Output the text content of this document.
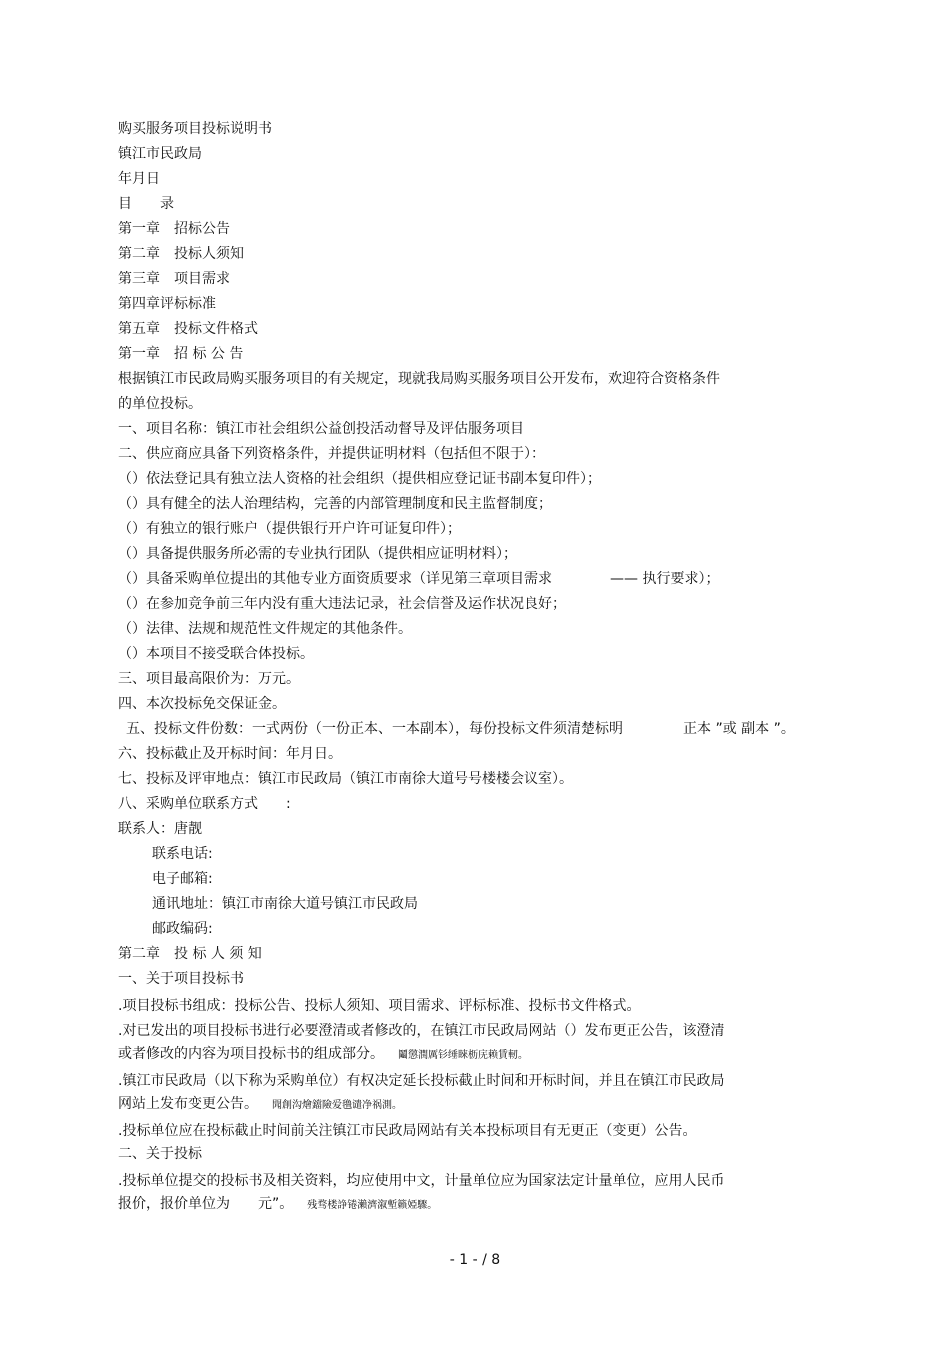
购买服务项目投标说明书
镇江市民政局
年月日
目　　录
第一章　招标公告
第二章　投标人须知
第三章　项目需求
第四章评标标准
第五章　投标文件格式
第一章　招 标 公 告
根据镇江市民政局购买服务项目的有关规定，现就我局购买服务项目公开发布，欢迎符合资格条件
的单位投标。
一、项目名称：镇江市社会组织公益创投活动督导及评估服务项目
二、供应商应具备下列资格条件，并提供证明材料（包括但不限于）：
（）依法登记具有独立法人资格的社会组织（提供相应登记证书副本复印件）；
（）具有健全的法人治理结构，完善的内部管理制度和民主监督制度；
（）有独立的银行账户（提供银行开户许可证复印件）；
（）具备提供服务所必需的专业执行团队（提供相应证明材料）；
（）具备采购单位提出的其他专业方面资质要求（详见第三章项目需求	—— 执行要求）；
（）在参加竞争前三年内没有重大违法记录，社会信誉及运作状况良好；
（）法律、法规和规范性文件规定的其他条件。
（）本项目不接受联合体投标。
三、项目最高限价为：万元。
四、本次投标免交保证金。
五、投标文件份数：一式两份（一份正本、一本副本），每份投标文件须清楚标明	正本 ”或 副本 ”。
六、投标截止及开标时间：年月日。
七、投标及评审地点：镇江市民政局（镇江市南徐大道号号楼楼会议室）。
八、采购单位联系方式　　:
联系人：唐靓
联系电话:
电子邮箱:
通讯地址：镇江市南徐大道号镇江市民政局
邮政编码:
第二章　投 标 人 须 知
一、关于项目投标书
.项目投标书组成：投标公告、投标人须知、项目需求、评标标准、投标书文件格式。
.对已发出的项目投标书进行必要澄清或者修改的，在镇江市民政局网站（）发布更正公告，该澄清
或者修改的内容为项目投标书的组成部分。 鬮懲潤厲钐缍睞枥庑赖賃軔。
.镇江市民政局（以下称为采购单位）有权决定延长投标截止时间和开标时间，并且在镇江市民政局
网站上发布变更公告。 聞創沟燴鐺險爱氇谴净祸測。
.投标单位应在投标截止时间前关注镇江市民政局网站有关本投标项目有无更正（变更）公告。
二、关于投标
.投标单位提交的投标书及相关资料，均应使用中文，计量单位应为国家法定计量单位，应用人民币
报价，报价单位为　　元”。 残骛楼諍锩瀨濟溆塹籟婭驟。
- 1 - / 8
